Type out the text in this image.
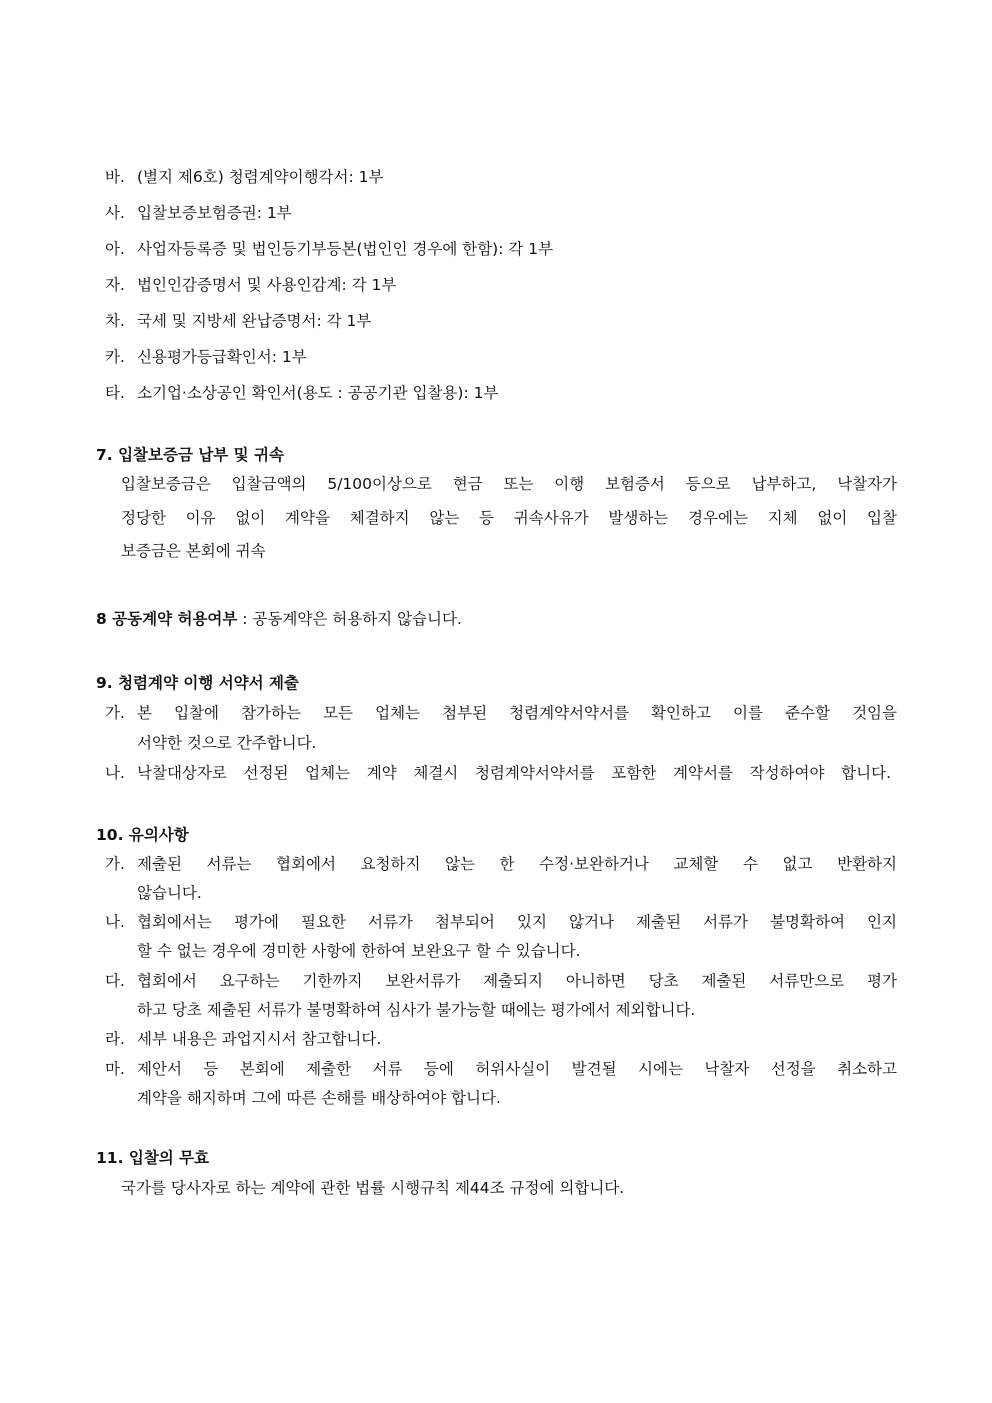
바. (별지 제6호) 청렴계약이행각서: 1부
사. 입찰보증보험증권: 1부
아. 사업자등록증 및 법인등기부등본(법인인 경우에 한함): 각 1부
자. 법인인감증명서 및 사용인감계: 각 1부
차. 국세 및 지방세 완납증명서: 각 1부
카. 신용평가등급확인서: 1부
타. 소기업·소상공인 확인서(용도 : 공공기관 입찰용): 1부
7. 입찰보증금 납부 및 귀속
입찰보증금은 입찰금액의 5/100이상으로 현금 또는 이행 보험증서 등으로 납부하고, 낙찰자가
정당한 이유 없이 계약을 체결하지 않는 등 귀속사유가 발생하는 경우에는 지체 없이 입찰
보증금은 본회에 귀속
8 공동계약 허용여부 : 공동계약은 허용하지 않습니다.
9. 청렴계약 이행 서약서 제출
가. 본 입찰에 참가하는 모든 업체는 첨부된 청렴계약서약서를 확인하고 이를 준수할 것임을
서약한 것으로 간주합니다.
나. 낙찰대상자로 선정된 업체는 계약 체결시 청렴계약서약서를 포함한 계약서를 작성하여야 합니다.
10. 유의사항
가. 제출된 서류는 협회에서 요청하지 않는 한 수정·보완하거나 교체할 수 없고 반환하지
않습니다.
나. 협회에서는 평가에 필요한 서류가 첨부되어 있지 않거나 제출된 서류가 불명확하여 인지
할 수 없는 경우에 경미한 사항에 한하여 보완요구 할 수 있습니다.
다. 협회에서 요구하는 기한까지 보완서류가 제출되지 아니하면 당초 제출된 서류만으로 평가
하고 당초 제출된 서류가 불명확하여 심사가 불가능할 때에는 평가에서 제외합니다.
라. 세부 내용은 과업지시서 참고합니다.
마. 제안서 등 본회에 제출한 서류 등에 허위사실이 발견될 시에는 낙찰자 선정을 취소하고
계약을 해지하며 그에 따른 손해를 배상하여야 합니다.
11. 입찰의 무효
국가를 당사자로 하는 계약에 관한 법률 시행규칙 제44조 규정에 의합니다.
